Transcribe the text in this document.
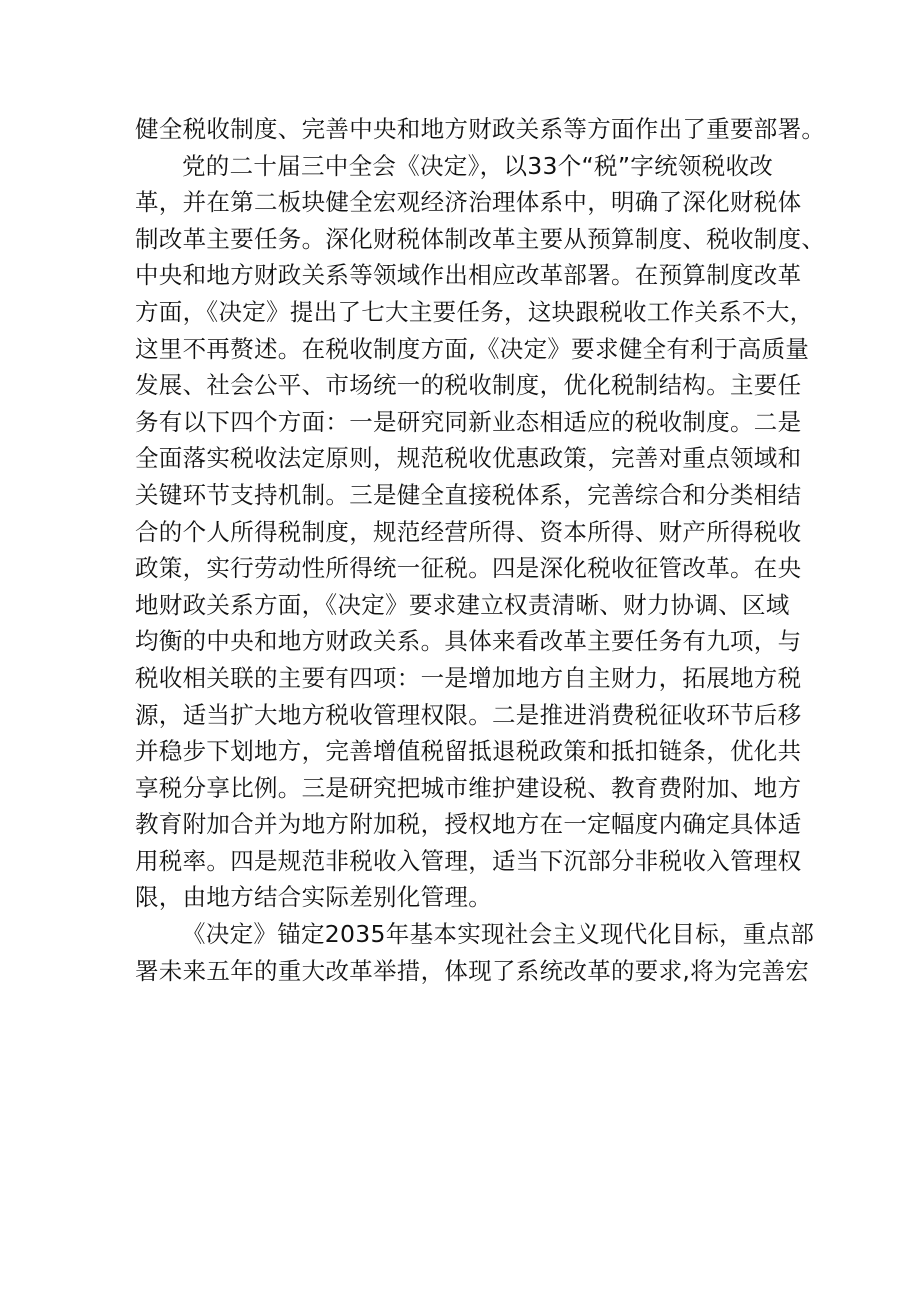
健全税收制度、完善中央和地方财政关系等方面作出了重要部署。
党的二十届三中全会《决定》，以33个“税”字统领税收改
革，并在第二板块健全宏观经济治理体系中，明确了深化财税体
制改革主要任务。深化财税体制改革主要从预算制度、税收制度、
中央和地方财政关系等领域作出相应改革部署。在预算制度改革
方面，《决定》提出了七大主要任务，这块跟税收工作关系不大，
这里不再赘述。在税收制度方面,《决定》要求健全有利于高质量
发展、社会公平、市场统一的税收制度，优化税制结构。主要任
务有以下四个方面：一是研究同新业态相适应的税收制度。二是
全面落实税收法定原则，规范税收优惠政策，完善对重点领域和
关键环节支持机制。三是健全直接税体系，完善综合和分类相结
合的个人所得税制度，规范经营所得、资本所得、财产所得税收
政策，实行劳动性所得统一征税。四是深化税收征管改革。在央
地财政关系方面，《决定》要求建立权责清晰、财力协调、区域
均衡的中央和地方财政关系。具体来看改革主要任务有九项，与
税收相关联的主要有四项：一是增加地方自主财力，拓展地方税
源，适当扩大地方税收管理权限。二是推进消费税征收环节后移
并稳步下划地方，完善增值税留抵退税政策和抵扣链条，优化共
享税分享比例。三是研究把城市维护建设税、教育费附加、地方
教育附加合并为地方附加税，授权地方在一定幅度内确定具体适
用税率。四是规范非税收入管理，适当下沉部分非税收入管理权
限，由地方结合实际差别化管理。
《决定》锚定2035年基本实现社会主义现代化目标，重点部
署未来五年的重大改革举措，体现了系统改革的要求,将为完善宏
